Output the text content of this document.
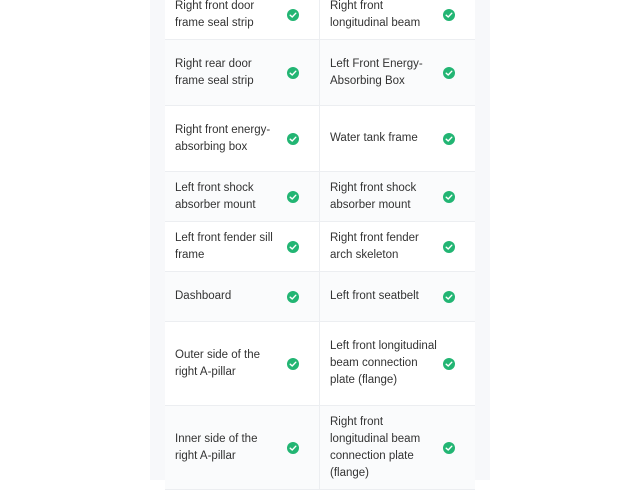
Right front door frame seal strip
Right front longitudinal beam
Right rear door frame seal strip
Left Front Energy-Absorbing Box
Right front energy-absorbing box
Water tank frame
Left front shock absorber mount
Right front shock absorber mount
Left front fender sill frame
Right front fender arch skeleton
Dashboard	Left front seatbelt
Outer side of the right A-pillar
Left front longitudinal beam connection plate (flange)
Inner side of the right A-pillar
Right front longitudinal beam connection plate (flange)
